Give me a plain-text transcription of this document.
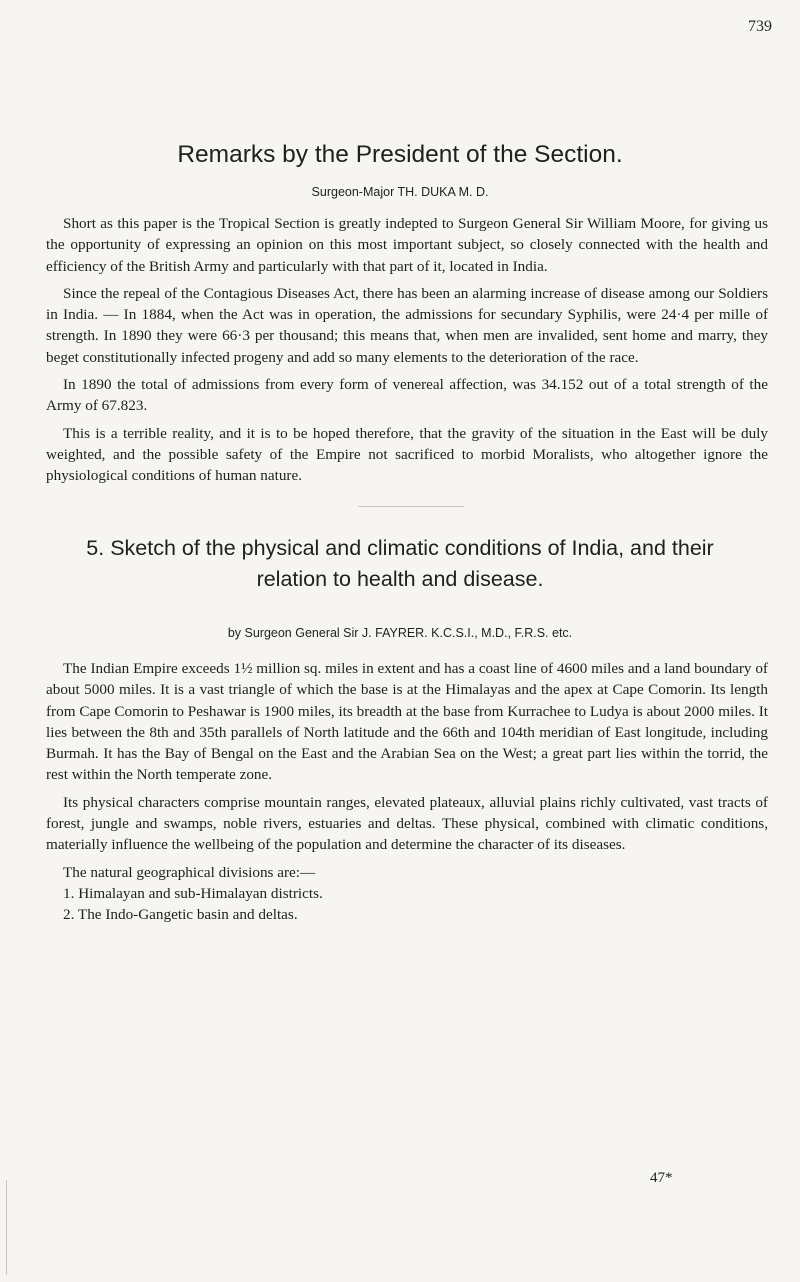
739
Remarks by the President of the Section.
Surgeon-Major TH. DUKA M. D.

Short as this paper is the Tropical Section is greatly indepted to Surgeon General Sir William Moore, for giving us the opportunity of expressing an opinion on this most important subject, so closely connected with the health and efficiency of the British Army and particularly with that part of it, located in India.

Since the repeal of the Contagious Diseases Act, there has been an alarming increase of disease among our Soldiers in India. — In 1884, when the Act was in operation, the admissions for secundary Syphilis, were 24·4 per mille of strength. In 1890 they were 66·3 per thousand; this means that, when men are invalided, sent home and marry, they beget constitutionally infected progeny and add so many elements to the deterioration of the race.

In 1890 the total of admissions from every form of venereal affection, was 34.152 out of a total strength of the Army of 67.823.

This is a terrible reality, and it is to be hoped therefore, that the gravity of the situation in the East will be duly weighted, and the possible safety of the Empire not sacrificed to morbid Moralists, who altogether ignore the physiological conditions of human nature.

5. Sketch of the physical and climatic conditions of India, and their
relation to health and disease.
by Surgeon General Sir J. FAYRER. K.C.S.I., M.D., F.R.S. etc.

The Indian Empire exceeds 1½ million sq. miles in extent and has a coast line of 4600 miles and a land boundary of about 5000 miles. It is a vast triangle of which the base is at the Himalayas and the apex at Cape Comorin. Its length from Cape Comorin to Peshawar is 1900 miles, its breadth at the base from Kurrachee to Ludya is about 2000 miles. It lies between the 8th and 35th parallels of North latitude and the 66th and 104th meridian of East longitude, including Burmah. It has the Bay of Bengal on the East and the Arabian Sea on the West; a great part lies within the torrid, the rest within the North temperate zone.

Its physical characters comprise mountain ranges, elevated plateaux, alluvial plains richly cultivated, vast tracts of forest, jungle and swamps, noble rivers, estuaries and deltas. These physical, combined with climatic conditions, materially influence the wellbeing of the population and determine the character of its diseases.

The natural geographical divisions are:—

1. Himalayan and sub-Himalayan districts.

2. The Indo-Gangetic basin and deltas.

47*
